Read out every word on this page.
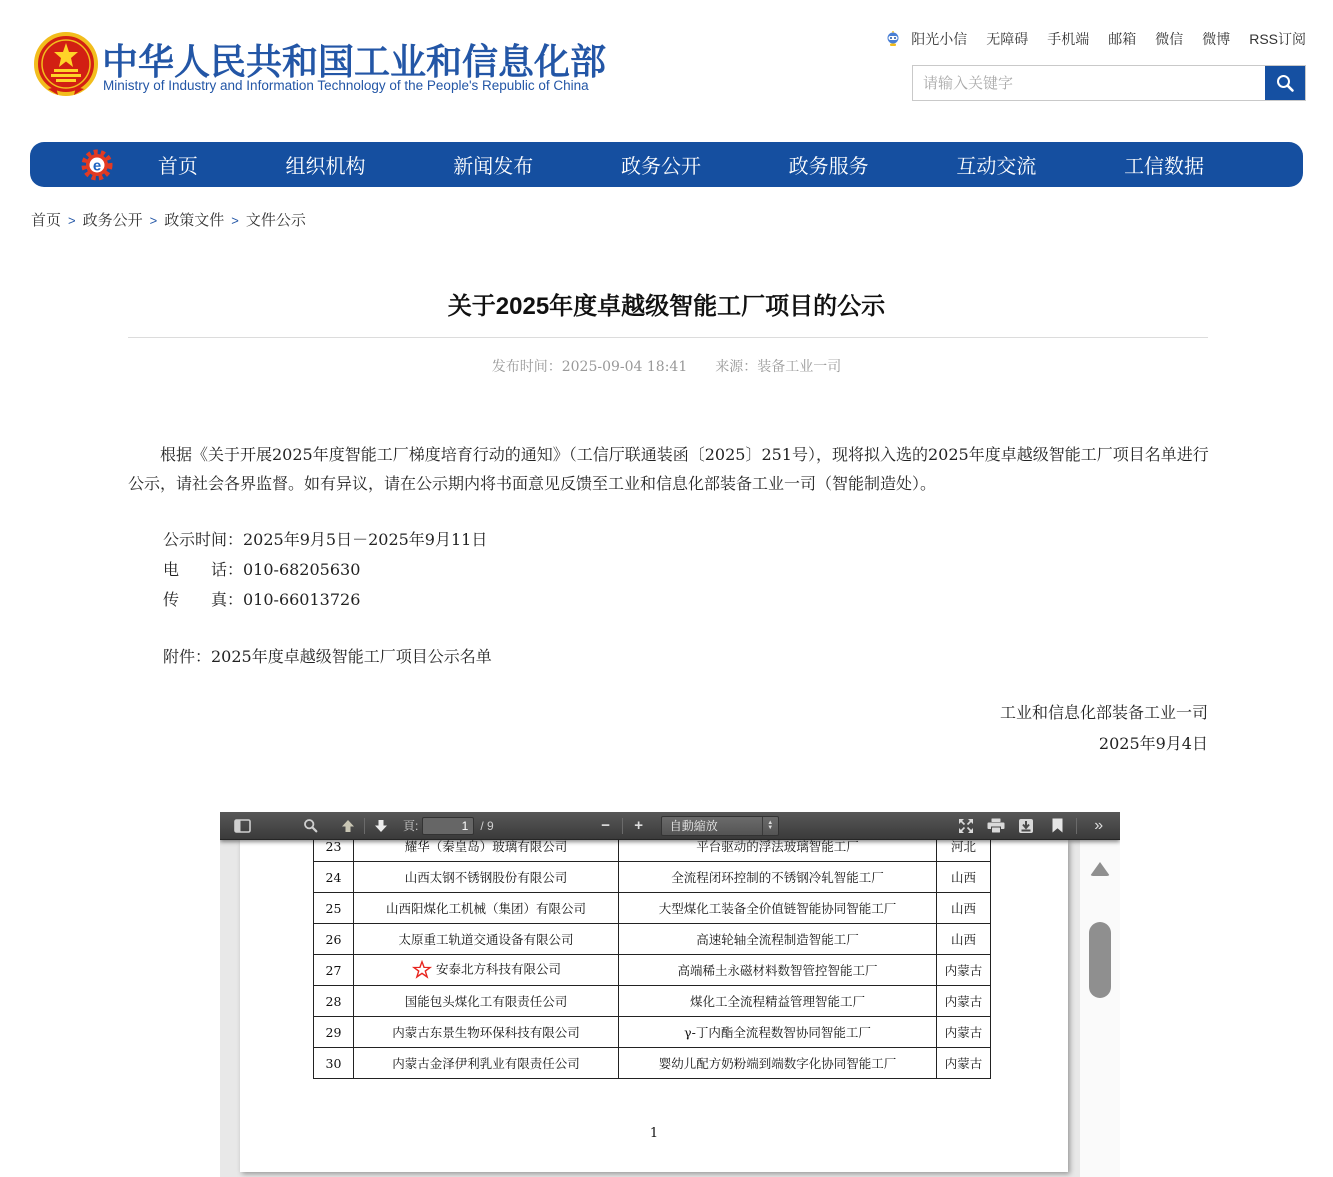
中华人民共和国工业和信息化部
Ministry of Industry and Information Technology of the People's Republic of China
阳光小信 无障碍 手机端 邮箱 微信 微博 RSS订阅
请输入关键字
e	首页	组织机构	新闻发布	政务公开	政务服务	互动交流	工信数据
首页 > 政务公开 > 政策文件 > 文件公示
关于2025年度卓越级智能工厂项目的公示
发布时间：2025-09-04 18:41 来源：装备工业一司
根据《关于开展2025年度智能工厂梯度培育行动的通知》（工信厅联通装函〔2025〕251号），现将拟入选的2025年度卓越级智能工厂项目名单进行公示，请社会各界监督。如有异议，请在公示期内将书面意见反馈至工业和信息化部装备工业一司（智能制造处）。
公示时间：2025年9月5日－2025年9月11日
电　　话：010-68205630
传　　真：010-66013726
附件：2025年度卓越级智能工厂项目公示名单
工业和信息化部装备工业一司
2025年9月4日
頁:
1	/ 9	−	+	自動縮放	▲
▼	»
23	耀华（秦皇岛）玻璃有限公司	平台驱动的浮法玻璃智能工厂	河北
24	山西太钢不锈钢股份有限公司	全流程闭环控制的不锈钢冷轧智能工厂	山西
25	山西阳煤化工机械（集团）有限公司	大型煤化工装备全价值链智能协同智能工厂	山西
26	太原重工轨道交通设备有限公司	高速轮轴全流程制造智能工厂	山西
27	安泰北方科技有限公司	高端稀土永磁材料数智管控智能工厂	内蒙古
28	国能包头煤化工有限责任公司	煤化工全流程精益管理智能工厂	内蒙古
29	内蒙古东景生物环保科技有限公司	γ-丁内酯全流程数智协同智能工厂	内蒙古
30	内蒙古金泽伊利乳业有限责任公司	婴幼儿配方奶粉端到端数字化协同智能工厂	内蒙古
1
